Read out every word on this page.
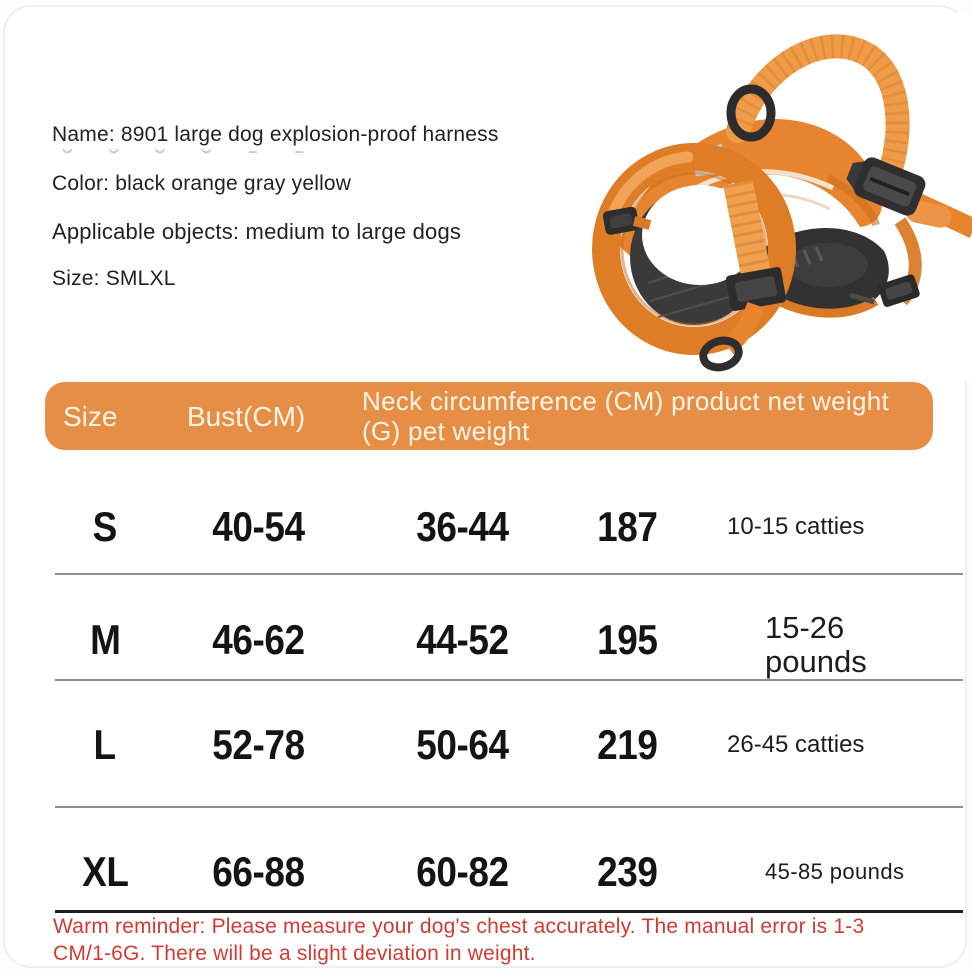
Name: 8901 large dog explosion-proof harness
˘ ˘ ˘ ˘ ˉ ˉ
Color: black orange gray yellow
Applicable objects: medium to large dogs
Size: SMLXL
Size Bust(CM) Neck circumference (CM) product net weight
(G) pet weight
S 40-54	36-44 187	10-15 catties
M 46-62	44-52 195	15-26 pounds
L 52-78	50-64 219	26-45 catties
XL 66-88	60-82 239	45-85 pounds
Warm reminder: Please measure your dog's chest accurately. The manual error is 1-3
CM/1-6G. There will be a slight deviation in weight.
